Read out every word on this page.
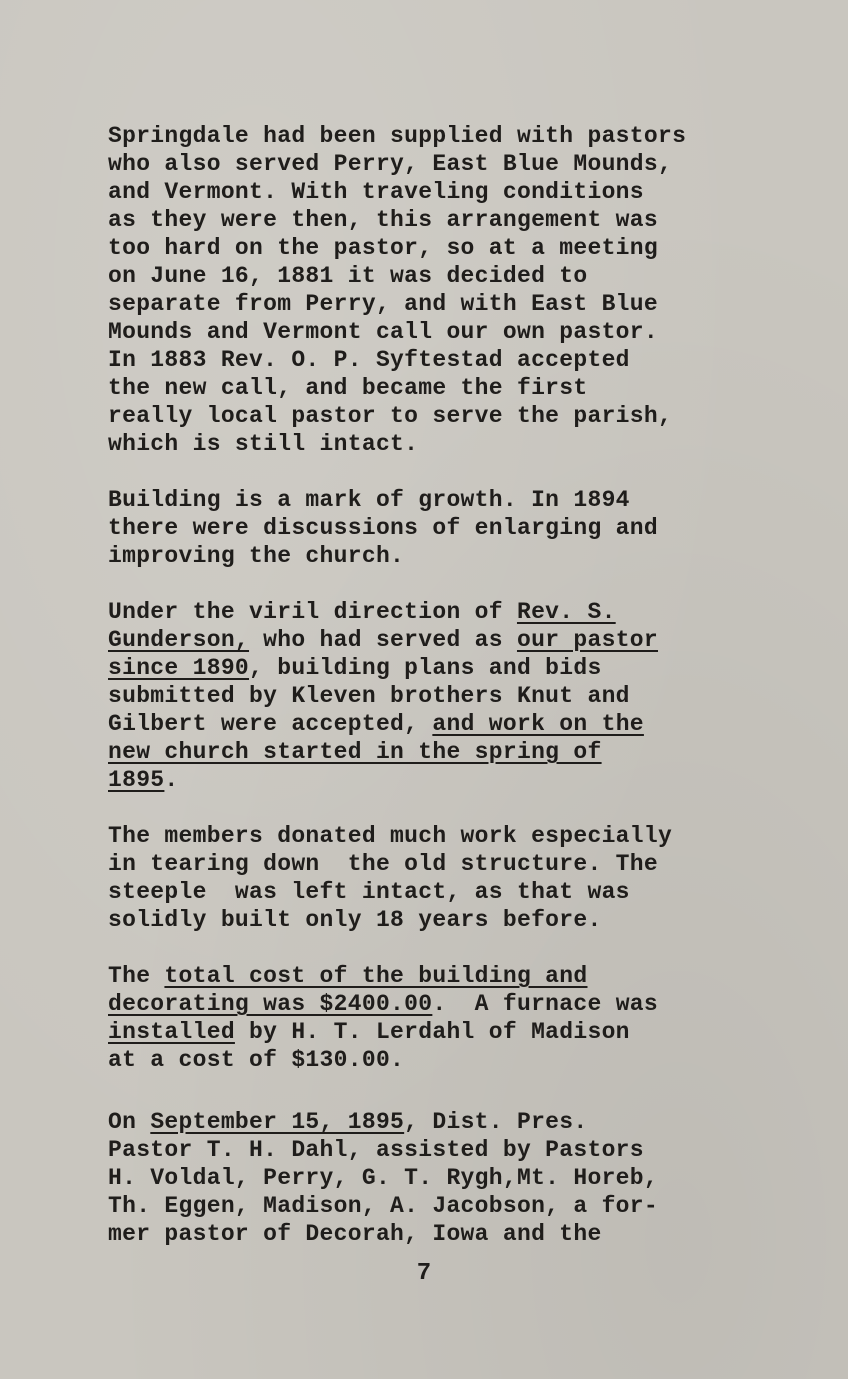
Springdale had been supplied with pastors
who also served Perry, East Blue Mounds,
and Vermont. With traveling conditions
as they were then, this arrangement was
too hard on the pastor, so at a meeting
on June 16, 1881 it was decided to
separate from Perry, and with East Blue
Mounds and Vermont call our own pastor.
In 1883 Rev. O. P. Syftestad accepted
the new call, and became the first
really local pastor to serve the parish,
which is still intact.
Building is a mark of growth. In 1894
there were discussions of enlarging and
improving the church.
Under the viril direction of Rev. S.
Gunderson, who had served as our pastor
since 1890, building plans and bids
submitted by Kleven brothers Knut and
Gilbert were accepted, and work on the
new church started in the spring of
1895.
The members donated much work especially
in tearing down  the old structure. The
steeple  was left intact, as that was
solidly built only 18 years before.
The total cost of the building and
decorating was $2400.00.  A furnace was
installed by H. T. Lerdahl of Madison
at a cost of $130.00.
On September 15, 1895, Dist. Pres.
Pastor T. H. Dahl, assisted by Pastors
H. Voldal, Perry, G. T. Rygh,Mt. Horeb,
Th. Eggen, Madison, A. Jacobson, a for-
mer pastor of Decorah, Iowa and the
7
